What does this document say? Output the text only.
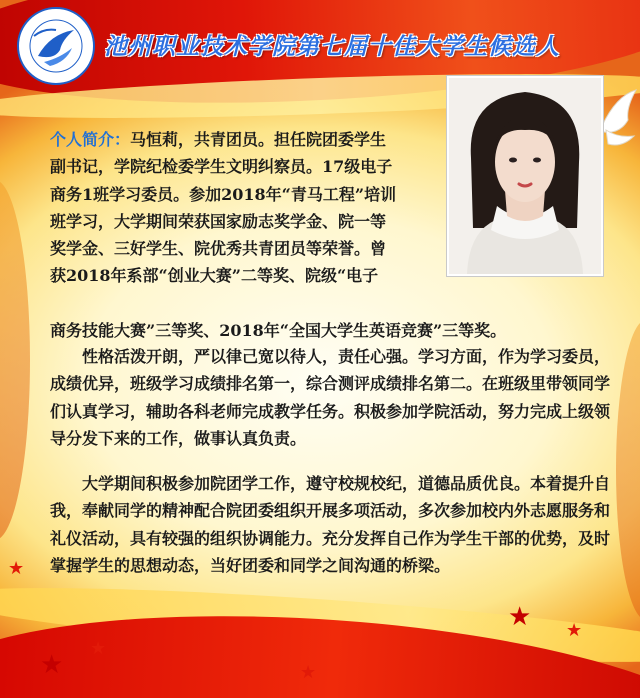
★ ★
★
★	★
★
池州职业技术学院第七届十佳大学生候选人
个人简介：马恒莉，共青团员。担任院团委学生
副书记，学院纪检委学生文明纠察员。17级电子
商务1班学习委员。参加2018年“青马工程”培训
班学习，大学期间荣获国家励志奖学金、院一等
奖学金、三好学生、院优秀共青团员等荣誉。曾
获2018年系部“创业大赛”二等奖、院级“电子
商务技能大赛”三等奖、2018年“全国大学生英语竞赛”三等奖。
性格活泼开朗，严以律己宽以待人，责任心强。学习方面，作为学习委员，成绩优异，班级学习成绩排名第一，综合测评成绩排名第二。在班级里带领同学们认真学习，辅助各科老师完成教学任务。积极参加学院活动，努力完成上级领导分发下来的工作，做事认真负责。
大学期间积极参加院团学工作，遵守校规校纪，道德品质优良。本着提升自我，奉献同学的精神配合院团委组织开展多项活动，多次参加校内外志愿服务和礼仪活动，具有较强的组织协调能力。充分发挥自己作为学生干部的优势，及时掌握学生的思想动态，当好团委和同学之间沟通的桥梁。
